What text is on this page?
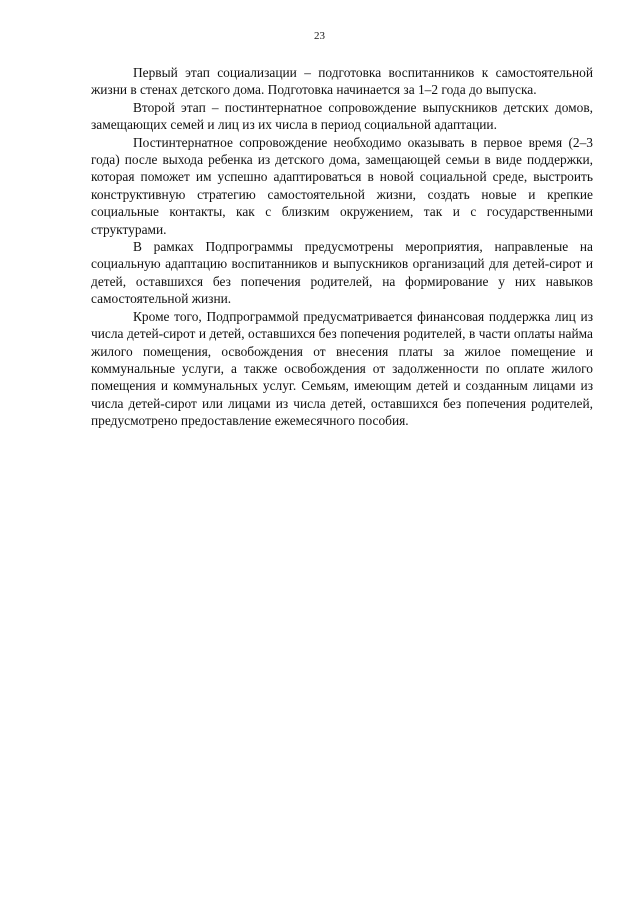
23

Первый этап социализации – подготовка воспитанников к самостоятельной жизни в стенах детского дома. Подготовка начинается за 1–2 года до выпуска.

Второй этап – постинтернатное сопровождение выпускников детских домов, замещающих семей и лиц из их числа в период социальной адаптации.

Постинтернатное сопровождение необходимо оказывать в первое время (2–3 года) после выхода ребенка из детского дома, замещающей семьи в виде поддержки, которая поможет им успешно адаптироваться в новой социальной среде, выстроить конструктивную стратегию самостоятельной жизни, создать новые и крепкие социальные контакты, как с близким окружением, так и с государственными структурами.

В рамках Подпрограммы предусмотрены мероприятия, направленые на социальную адаптацию воспитанников и выпускников организаций для детей-сирот и детей, оставшихся без попечения родителей, на формирование у них навыков самостоятельной жизни.

Кроме того, Подпрограммой предусматривается финансовая поддержка лиц из числа детей-сирот и детей, оставшихся без попечения родителей, в части оплаты найма жилого помещения, освобождения от внесения платы за жилое помещение и коммунальные услуги, а также освобождения от задолженности по оплате жилого помещения и коммунальных услуг. Семьям, имеющим детей и созданным лицами из числа детей-сирот или лицами из числа детей, оставшихся без попечения родителей, предусмотрено предоставление ежемесячного пособия.
